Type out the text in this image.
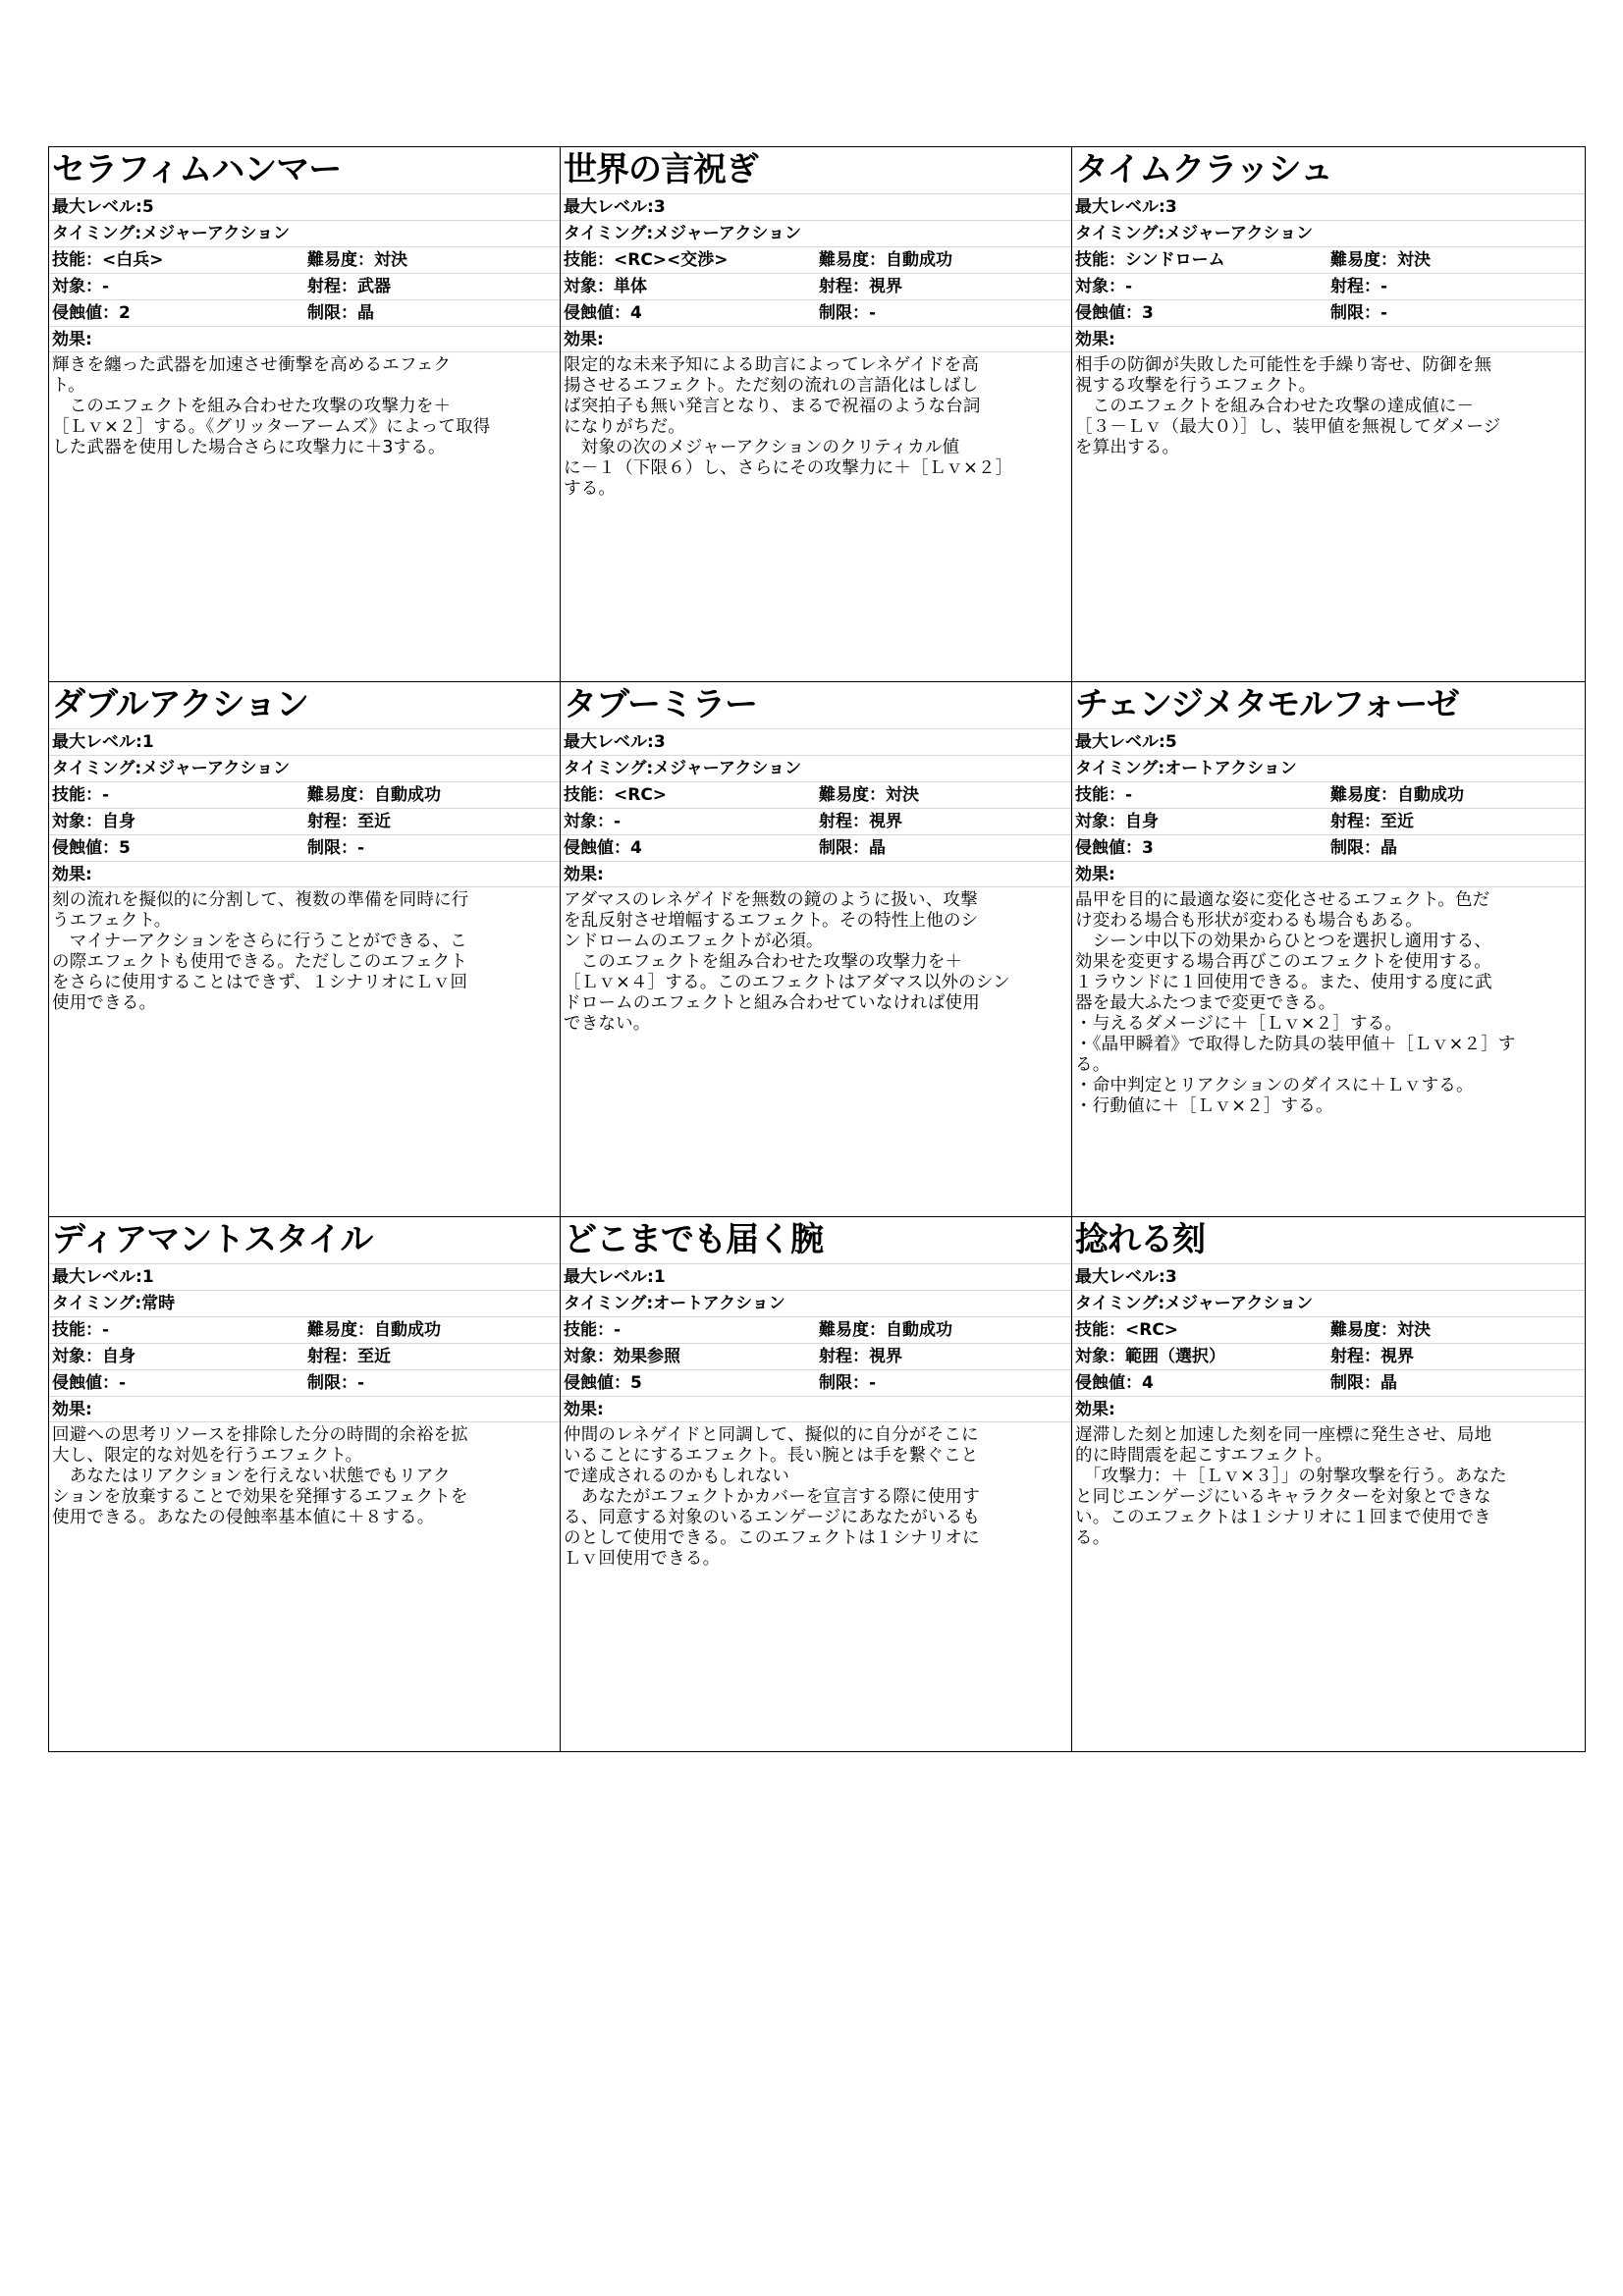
セラフィムハンマー
最大レベル:5
タイミング:メジャーアクション
技能：<白兵>	難易度：対決
対象：-	射程：武器
侵蝕値：2	制限：晶
効果:
輝きを纏った武器を加速させ衝撃を高めるエフェク
ト。
　このエフェクトを組み合わせた攻撃の攻撃力を＋
［Ｌｖ×２］する。《グリッターアームズ》によって取得
した武器を使用した場合さらに攻撃力に＋3する。
世界の言祝ぎ
最大レベル:3
タイミング:メジャーアクション
技能：<RC><交渉>	難易度：自動成功
対象：単体	射程：視界
侵蝕値：4	制限：-
効果:
限定的な未来予知による助言によってレネゲイドを高
揚させるエフェクト。ただ刻の流れの言語化はしばし
ば突拍子も無い発言となり、まるで祝福のような台詞
になりがちだ。
　対象の次のメジャーアクションのクリティカル値
に－１（下限６）し、さらにその攻撃力に＋［Ｌｖ×２］
する。
タイムクラッシュ
最大レベル:3
タイミング:メジャーアクション
技能：シンドローム	難易度：対決
対象：-	射程：-
侵蝕値：3	制限：-
効果:
相手の防御が失敗した可能性を手繰り寄せ、防御を無
視する攻撃を行うエフェクト。
　このエフェクトを組み合わせた攻撃の達成値に－
［３－Ｌｖ（最大０）］し、装甲値を無視してダメージ
を算出する。
ダブルアクション
最大レベル:1
タイミング:メジャーアクション
技能：-	難易度：自動成功
対象：自身	射程：至近
侵蝕値：5	制限：-
効果:
刻の流れを擬似的に分割して、複数の準備を同時に行
うエフェクト。
　マイナーアクションをさらに行うことができる、こ
の際エフェクトも使用できる。ただしこのエフェクト
をさらに使用することはできず、１シナリオにＬｖ回
使用できる。
タブーミラー
最大レベル:3
タイミング:メジャーアクション
技能：<RC>	難易度：対決
対象：-	射程：視界
侵蝕値：4	制限：晶
効果:
アダマスのレネゲイドを無数の鏡のように扱い、攻撃
を乱反射させ増幅するエフェクト。その特性上他のシ
ンドロームのエフェクトが必須。
　このエフェクトを組み合わせた攻撃の攻撃力を＋
［Ｌｖ×４］する。このエフェクトはアダマス以外のシン
ドロームのエフェクトと組み合わせていなければ使用
できない。
チェンジメタモルフォーゼ
最大レベル:5
タイミング:オートアクション
技能：-	難易度：自動成功
対象：自身	射程：至近
侵蝕値：3	制限：晶
効果:
晶甲を目的に最適な姿に変化させるエフェクト。色だ
け変わる場合も形状が変わるも場合もある。
　シーン中以下の効果からひとつを選択し適用する、
効果を変更する場合再びこのエフェクトを使用する。
１ラウンドに１回使用できる。また、使用する度に武
器を最大ふたつまで変更できる。
・与えるダメージに＋［Ｌｖ×２］する。
・《晶甲瞬着》で取得した防具の装甲値＋［Ｌｖ×２］す
る。
・命中判定とリアクションのダイスに＋Ｌｖする。
・行動値に＋［Ｌｖ×２］する。
ディアマントスタイル
最大レベル:1
タイミング:常時
技能：-	難易度：自動成功
対象：自身	射程：至近
侵蝕値：-	制限：-
効果:
回避への思考リソースを排除した分の時間的余裕を拡
大し、限定的な対処を行うエフェクト。
　あなたはリアクションを行えない状態でもリアク
ションを放棄することで効果を発揮するエフェクトを
使用できる。あなたの侵蝕率基本値に＋８する。
どこまでも届く腕
最大レベル:1
タイミング:オートアクション
技能：-	難易度：自動成功
対象：効果参照	射程：視界
侵蝕値：5	制限：-
効果:
仲間のレネゲイドと同調して、擬似的に自分がそこに
いることにするエフェクト。長い腕とは手を繋ぐこと
で達成されるのかもしれない
　あなたがエフェクトかカバーを宣言する際に使用す
る、同意する対象のいるエンゲージにあなたがいるも
のとして使用できる。このエフェクトは１シナリオに
Ｌｖ回使用できる。
捻れる刻
最大レベル:3
タイミング:メジャーアクション
技能：<RC>	難易度：対決
対象：範囲（選択）	射程：視界
侵蝕値：4	制限：晶
効果:
遅滞した刻と加速した刻を同一座標に発生させ、局地
的に時間震を起こすエフェクト。
　「攻撃力：＋［Ｌｖ×３］」の射撃攻撃を行う。あなた
と同じエンゲージにいるキャラクターを対象とできな
い。このエフェクトは１シナリオに１回まで使用でき
る。
